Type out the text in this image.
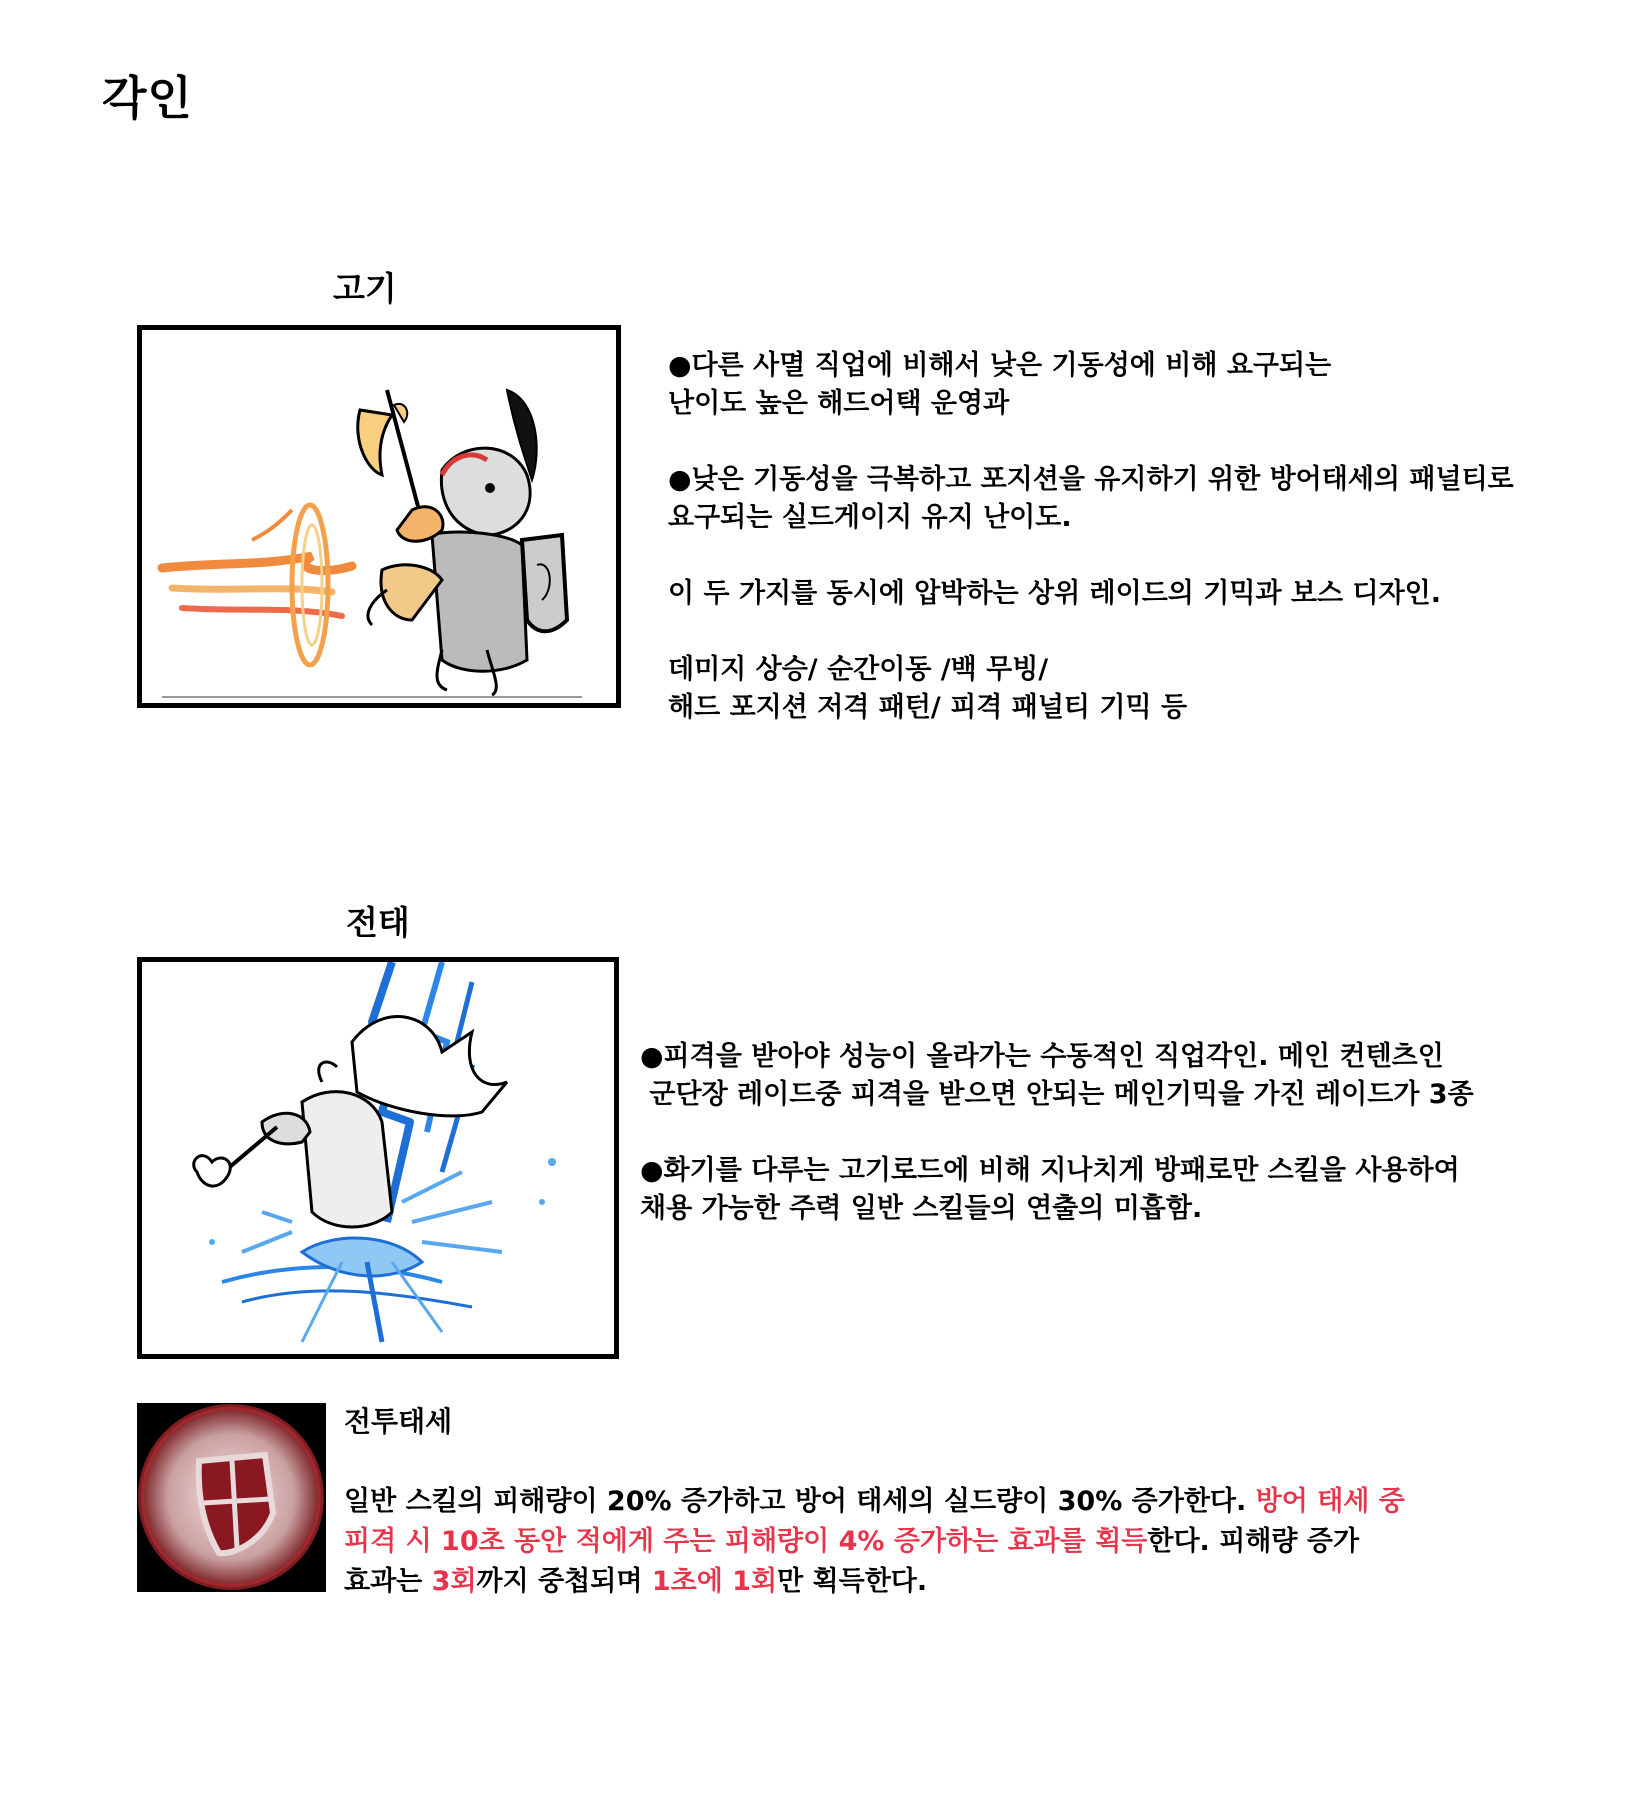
각인
고기
●다른 사멸 직업에 비해서 낮은 기동성에 비해 요구되는
난이도 높은 해드어택 운영과
●낮은 기동성을 극복하고 포지션을 유지하기 위한 방어태세의 패널티로
요구되는 실드게이지 유지 난이도.
이 두 가지를 동시에 압박하는 상위 레이드의 기믹과 보스 디자인.
데미지 상승/ 순간이동 /백 무빙/
해드 포지션 저격 패턴/ 피격 패널티 기믹 등
전태
●피격을 받아야 성능이 올라가는 수동적인 직업각인. 메인 컨텐츠인
군단장 레이드중 피격을 받으면 안되는 메인기믹을 가진 레이드가 3종
●화기를 다루는 고기로드에 비해 지나치게 방패로만 스킬을 사용하여
채용 가능한 주력 일반 스킬들의 연출의 미흡함.
전투태세
일반 스킬의 피해량이 20% 증가하고 방어 태세의 실드량이 30% 증가한다. 방어 태세 중
피격 시 10초 동안 적에게 주는 피해량이 4% 증가하는 효과를 획득한다. 피해량 증가
효과는 3회까지 중첩되며 1초에 1회만 획득한다.
